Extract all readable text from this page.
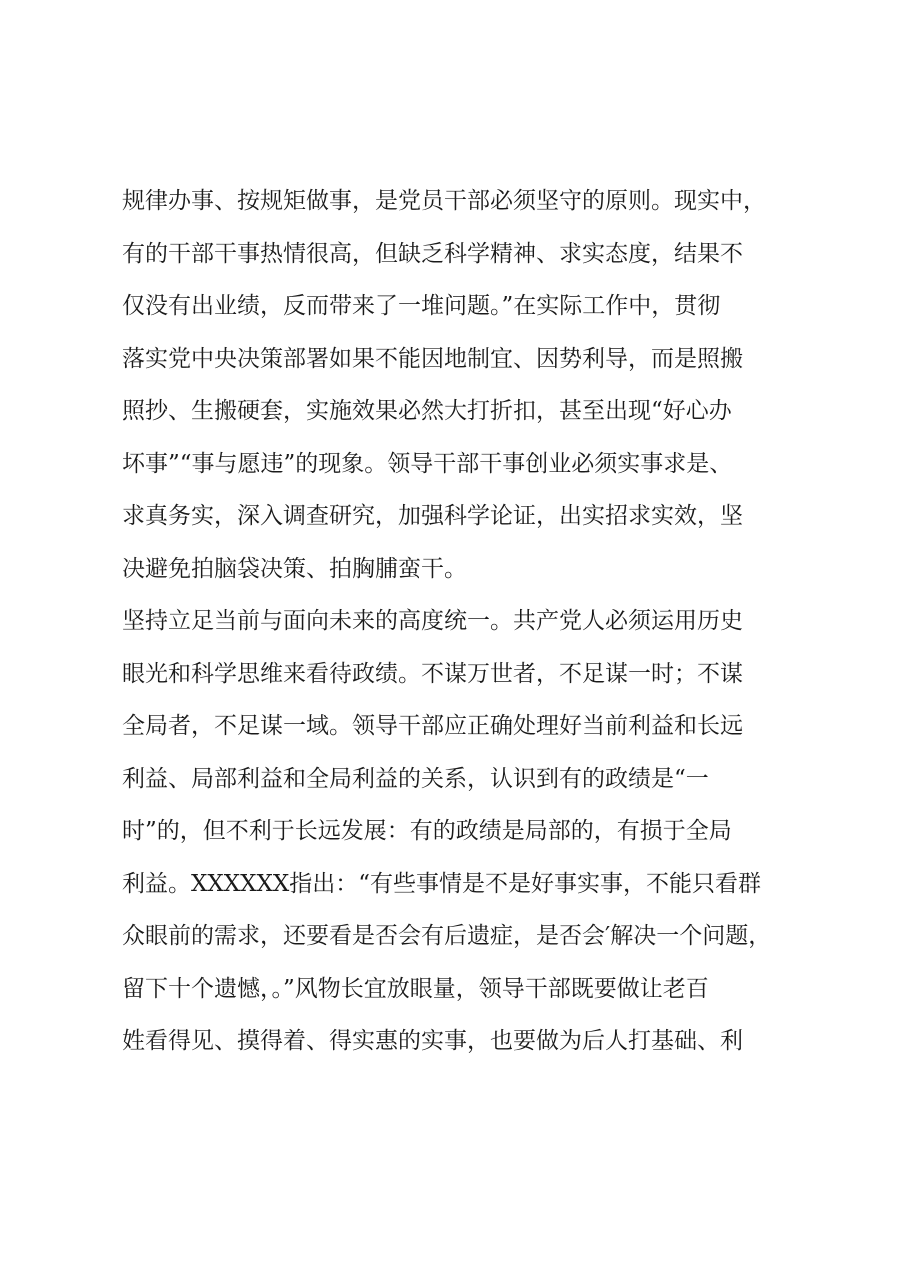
规律办事、按规矩做事，是党员干部必须坚守的原则。现实中，
有的干部干事热情很高，但缺乏科学精神、求实态度，结果不
仅没有出业绩，反而带来了一堆问题。”在实际工作中，贯彻
落实党中央决策部署如果不能因地制宜、因势利导，而是照搬
照抄、生搬硬套，实施效果必然大打折扣，甚至出现“好心办
坏事”“事与愿违”的现象。领导干部干事创业必须实事求是、
求真务实，深入调查研究，加强科学论证，出实招求实效，坚
决避免拍脑袋决策、拍胸脯蛮干。
坚持立足当前与面向未来的高度统一。共产党人必须运用历史
眼光和科学思维来看待政绩。不谋万世者，不足谋一时；不谋
全局者，不足谋一域。领导干部应正确处理好当前利益和长远
利益、局部利益和全局利益的关系，认识到有的政绩是“一
时”的，但不利于长远发展：有的政绩是局部的，有损于全局
利益。XXXXXX指出：“有些事情是不是好事实事，不能只看群
众眼前的需求，还要看是否会有后遗症，是否会′解决一个问题，
留下十个遗憾，。”风物长宜放眼量，领导干部既要做让老百
姓看得见、摸得着、得实惠的实事，也要做为后人打基础、利
